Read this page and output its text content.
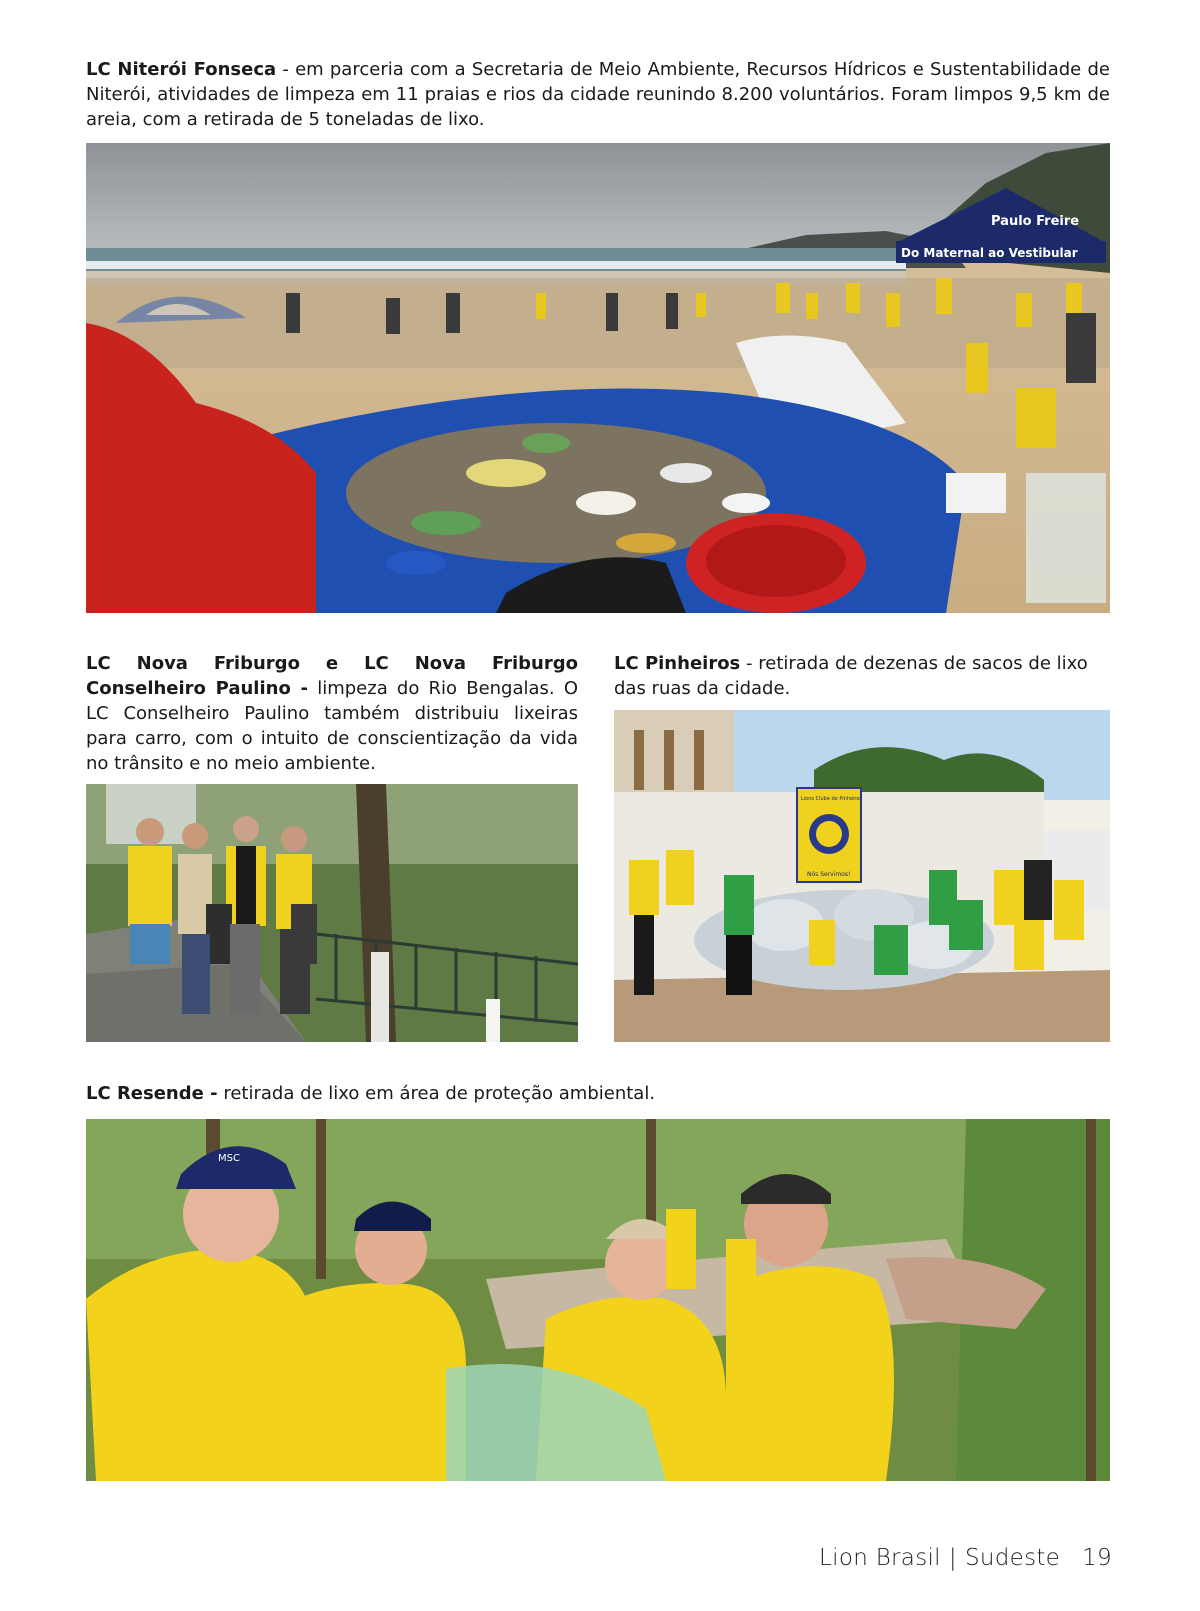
LC Niterói Fonseca - em parceria com a Secretaria de Meio Ambiente, Recursos Hídricos e Sustentabilidade de Niterói, atividades de limpeza em 11 praias e rios da cidade reunindo 8.200 voluntários. Foram limpos 9,5 km de areia, com a retirada de 5 toneladas de lixo.

Paulo Freire
Do Maternal ao Vestibular

LC Nova Friburgo e LC Nova Friburgo Conselheiro Paulino - limpeza do Rio Bengalas. O LC Conselheiro Paulino também distribuiu lixeiras para carro, com o intuito de conscientização da vida no trânsito e no meio ambiente.

LC Pinheiros - retirada de dezenas de sacos de lixo das ruas da cidade.

Lions Clube de Pinheiros
Nós Servimos!

LC Resende - retirada de lixo em área de proteção ambiental.

MSC
Lion Brasil | Sudeste 19
